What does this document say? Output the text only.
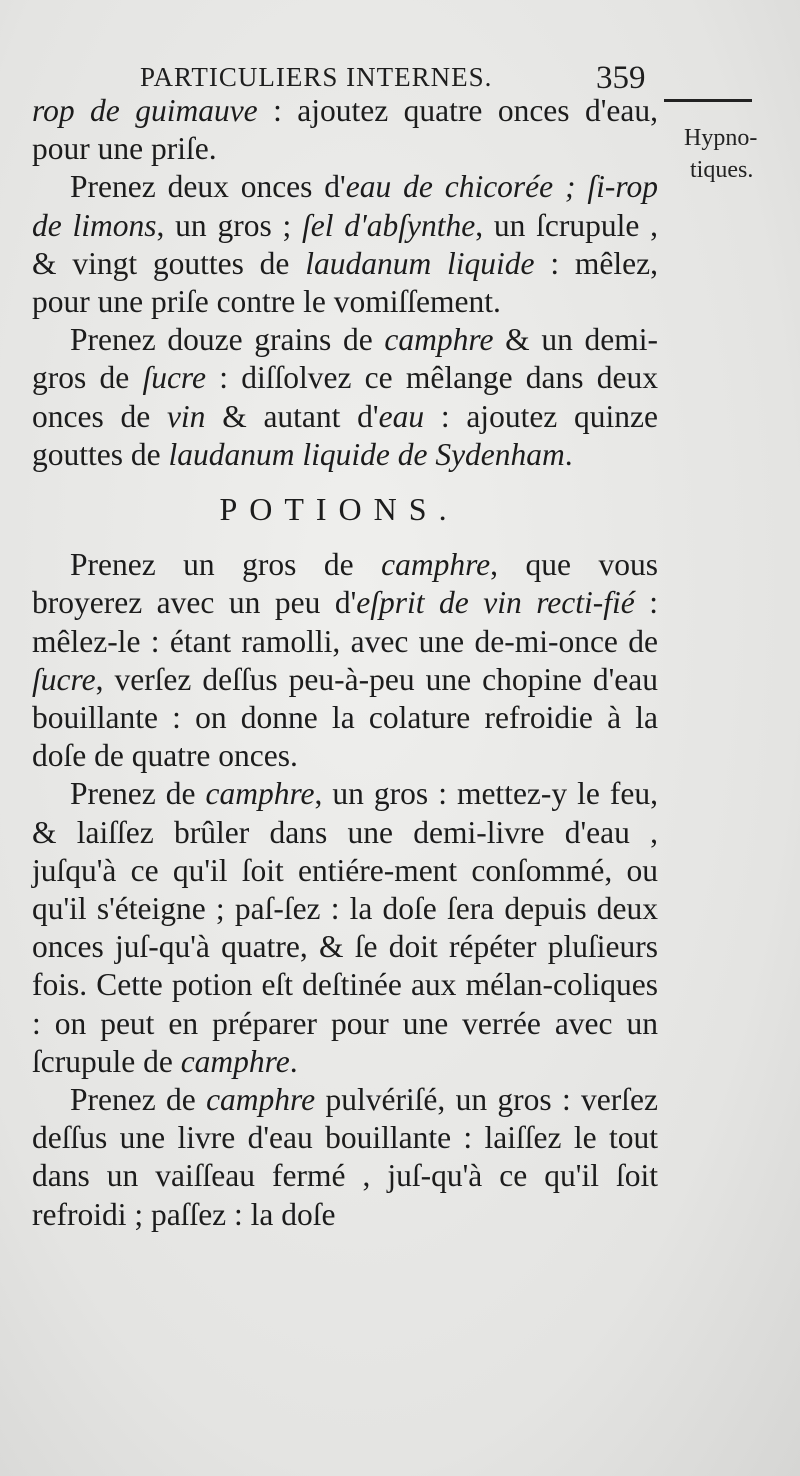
PARTICULIERS INTERNES.	359
Hypno-
tiques.

rop de guimauve : ajoutez quatre onces d'eau, pour une priſe.

Prenez deux onces d'eau de chicorée ; ſi-rop de limons, un gros ; ſel d'abſynthe, un ſcrupule , & vingt gouttes de laudanum liquide : mêlez, pour une priſe contre le vomiſſement.

Prenez douze grains de camphre & un demi-gros de ſucre : diſſolvez ce mêlange dans deux onces de vin & autant d'eau : ajoutez quinze gouttes de laudanum liquide de Sydenham.

POTIONS.

Prenez un gros de camphre, que vous broyerez avec un peu d'eſprit de vin recti-fié : mêlez-le : étant ramolli, avec une de-mi-once de ſucre, verſez deſſus peu-à-peu une chopine d'eau bouillante : on donne la colature refroidie à la doſe de quatre onces.

Prenez de camphre, un gros : mettez-y le feu, & laiſſez brûler dans une demi-livre d'eau , juſqu'à ce qu'il ſoit entiére-ment conſommé, ou qu'il s'éteigne ; paſ-ſez : la doſe ſera depuis deux onces juſ-qu'à quatre, & ſe doit répéter pluſieurs fois. Cette potion eſt deſtinée aux mélan-coliques : on peut en préparer pour une verrée avec un ſcrupule de camphre.

Prenez de camphre pulvériſé, un gros : verſez deſſus une livre d'eau bouillante : laiſſez le tout dans un vaiſſeau fermé , juſ-qu'à ce qu'il ſoit refroidi ; paſſez : la doſe
